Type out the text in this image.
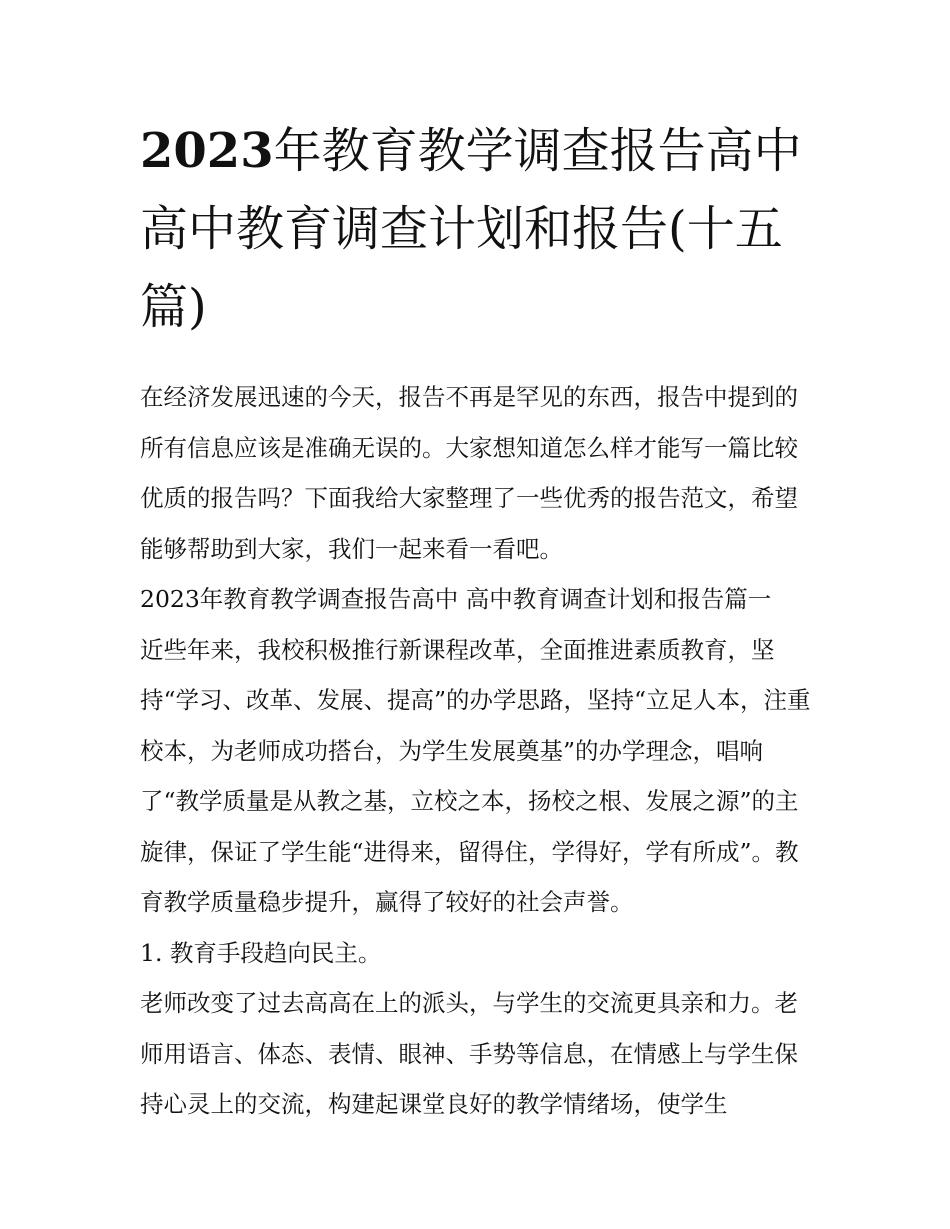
2023年教育教学调查报告高中高中教育调查计划和报告(十五篇)

在经济发展迅速的今天，报告不再是罕见的东西，报告中提到的所有信息应该是准确无误的。大家想知道怎么样才能写一篇比较优质的报告吗？下面我给大家整理了一些优秀的报告范文，希望能够帮助到大家，我们一起来看一看吧。

2023年教育教学调查报告高中 高中教育调查计划和报告篇一

近些年来，我校积极推行新课程改革，全面推进素质教育，坚持“学习、改革、发展、提高”的办学思路，坚持“立足人本，注重校本，为老师成功搭台，为学生发展奠基”的办学理念，唱响了“教学质量是从教之基，立校之本，扬校之根、发展之源”的主旋律，保证了学生能“进得来，留得住，学得好，学有所成”。教育教学质量稳步提升，赢得了较好的社会声誉。

1. 教育手段趋向民主。

老师改变了过去高高在上的派头，与学生的交流更具亲和力。老师用语言、体态、表情、眼神、手势等信息，在情感上与学生保持心灵上的交流，构建起课堂良好的教学情绪场，使学生
